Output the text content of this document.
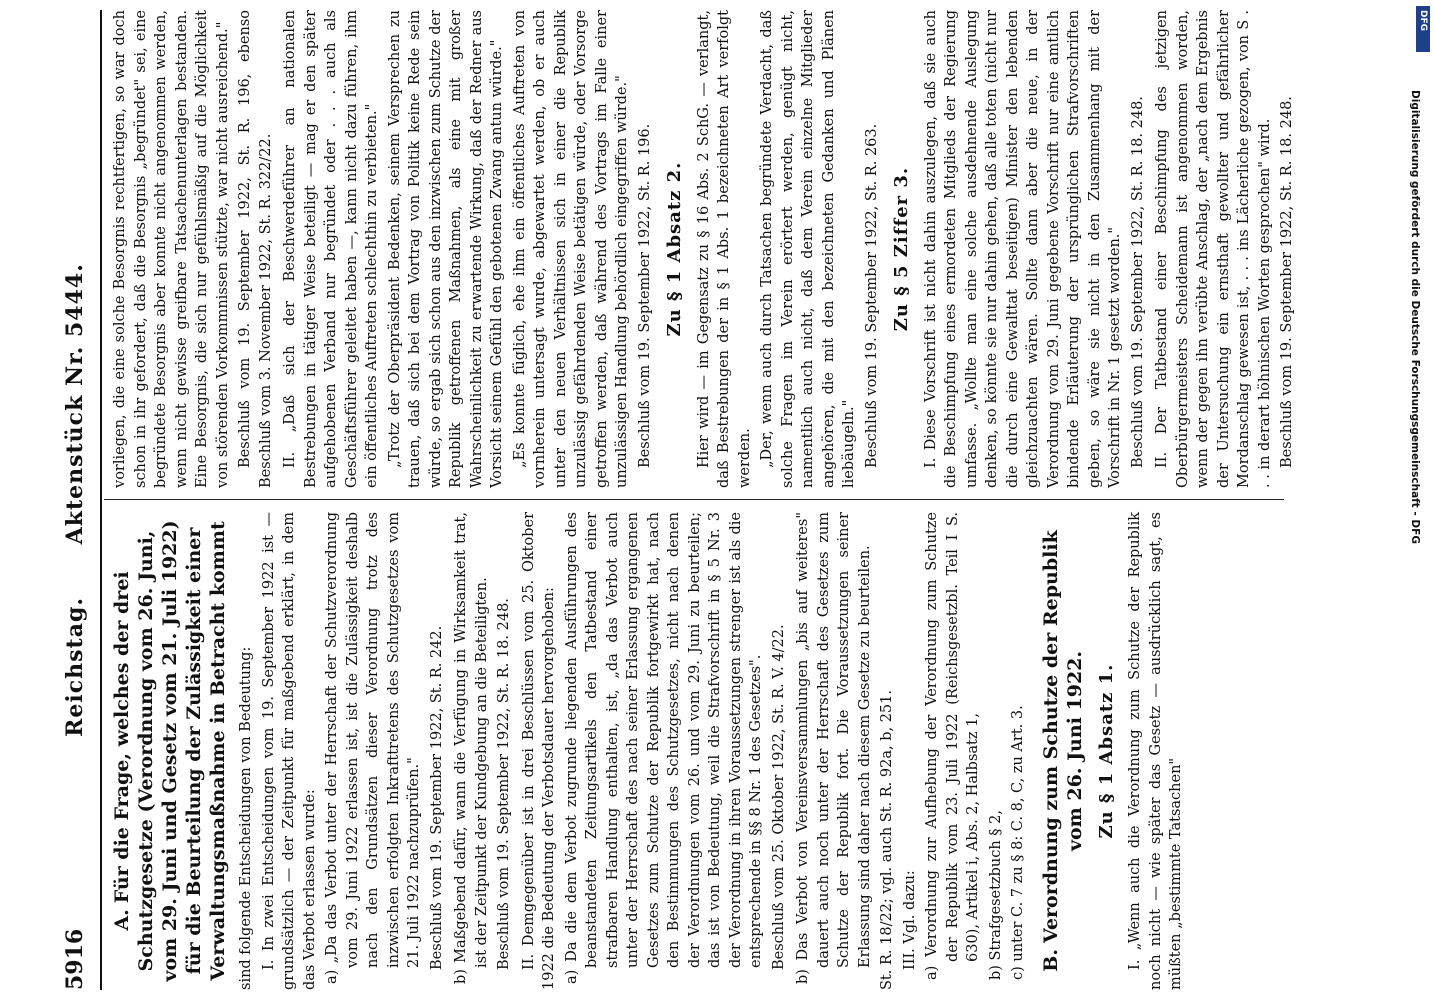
5916
Reichstag. Aktenstück Nr. 5444.
A.Für die Frage, welches der drei Schutzgesetze (Verordnung vom 26. Juni, vom 29. Juni und Gesetz vom 21. Juli 1922) für die Beurteilung der Zulässigkeit einer Verwaltungsmaßnahme in Betracht kommt sind folgende Entscheidungen von Bedeutung: I. In zwei Entscheidungen vom 19. September 1922 ist — grundsätzlich — der Zeitpunkt für maßgebend erklärt, in dem das Verbot erlassen wurde: a) „Da das Verbot unter der Herrschaft der Schutzverordnung vom 29. Juni 1922 erlassen ist, ist die Zulässigkeit deshalb nach den Grundsätzen dieser Verordnung trotz des inzwischen erfolgten Inkrafttretens des Schutzgesetzes vom 21. Juli 1922 nachzuprüfen." Beschluß vom 19. September 1922, St. R. 242. b) Maßgebend dafür, wann die Verfügung in Wirksamkeit trat, ist der Zeitpunkt der Kundgebung an die Beteiligten. Beschluß vom 19. September 1922, St. R. 18. 248. II. Demgegenüber ist in drei Beschlüssen vom 25. Oktober 1922 die Bedeutung der Verbotsdauer hervorgehoben: a) Da die dem Verbot zugrunde liegenden Ausführungen des beanstandeten Zeitungsartikels den Tatbestand einer strafbaren Handlung enthalten, ist, „da das Verbot auch unter der Herrschaft des nach seiner Erlassung ergangenen Gesetzes zum Schutze der Republik fortgewirkt hat, nach den Bestimmungen des Schutzgesetzes, nicht nach denen der Verordnungen vom 26. und vom 29. Juni zu beurteilen; das ist von Bedeutung, weil die Strafvorschrift in § 5 Nr. 3 der Verordnung in ihren Voraussetzungen strenger ist als die entsprechende in §§ 8 Nr. 1 des Gesetzes". Beschluß vom 25. Oktober 1922, St. R. V. 4/22. b) Das Verbot von Vereinsversammlungen „bis auf weiteres" dauert auch noch unter der Herrschaft des Gesetzes zum Schutze der Republik fort. Die Voraussetzungen seiner Erlassung sind daher nach diesem Gesetze zu beurteilen. St. R. 18/22; vgl. auch St. R. 92a, b, 251. III. Vgl. dazu: a) Verordnung zur Aufhebung der Verordnung zum Schutze der Republik vom 23. Juli 1922 (Reichsgesetzbl. Teil I S. 630), Artikel i, Abs. 2, Halbsatz 1, b) Strafgesetzbuch § 2, c) unter C. 7 zu § 8: C. 8, C, zu Art. 3. B.Verordnung zum Schutze der Republik vom 26. Juni 1922. Zu § 1 Absatz 1. I. „Wenn auch die Verordnung zum Schutze der Republik noch nicht — wie später das Gesetz — ausdrücklich sagt, es müßten „bestimmte Tatsachen"

vorliegen, die eine solche Besorgnis rechtfertigen, so war doch schon in ihr gefordert, daß die Besorgnis „begründet" sei, eine begründete Besorgnis aber konnte nicht angenommen werden, wenn nicht gewisse greifbare Tatsachenunterlagen bestanden. Eine Besorgnis, die sich nur gefühlsmäßig auf die Möglichkeit von störenden Vorkommnissen stützte, war nicht ausreichend." Beschluß vom 19. September 1922, St. R. 196, ebenso Beschluß vom 3. November 1922, St. R. 322/22. II. „Daß sich der Beschwerdeführer an nationalen Bestrebungen in tätiger Weise beteiligt — mag er den später aufgehobenen Verband nur begründet oder . . . auch als Geschäftsführer geleitet haben —, kann nicht dazu führen, ihm ein öffentliches Auftreten schlechthin zu verbieten." „Trotz der Oberpräsident Bedenken, seinem Versprechen zu trauen, daß sich bei dem Vortrag von Politik keine Rede sein würde, so ergab sich schon aus den inzwischen zum Schutze der Republik getroffenen Maßnahmen, als eine mit großer Wahrscheinlichkeit zu erwartende Wirkung, daß der Redner aus Vorsicht seinem Gefühl den gebotenen Zwang antun würde." „Es konnte füglich, ehe ihm ein öffentliches Auftreten von vornherein untersagt wurde, abgewartet werden, ob er auch unter den neuen Verhältnissen sich in einer die Republik unzulässig gefährdenden Weise betätigen würde, oder Vorsorge getroffen werden, daß während des Vortrags im Falle einer unzulässigen Handlung behördlich eingegriffen würde." Beschluß vom 19. September 1922, St. R. 196. Zu § 1 Absatz 2. Hier wird — im Gegensatz zu § 16 Abs. 2 SchG. — verlangt, daß Bestrebungen der in § 1 Abs. 1 bezeichneten Art verfolgt werden. „Der, wenn auch durch Tatsachen begründete Verdacht, daß solche Fragen im Verein erörtert werden, genügt nicht, namentlich auch nicht, daß dem Verein einzelne Mitglieder angehören, die mit den bezeichneten Gedanken und Plänen liebäugeln." Beschluß vom 19. September 1922, St. R. 263. Zu § 5 Ziffer 3. I. Diese Vorschrift ist nicht dahin auszulegen, daß sie auch die Beschimpfung eines ermordeten Mitglieds der Regierung umfasse. „Wollte man eine solche ausdehnende Auslegung denken, so könnte sie nur dahin gehen, daß alle toten (nicht nur die durch eine Gewalttat beseitigen) Minister den lebenden gleichzuachten wären. Sollte dann aber die neue, in der Verordnung vom 29. Juni gegebene Vorschrift nur eine amtlich bindende Erläuterung der ursprünglichen Strafvorschriften geben, so wäre sie nicht in den Zusammenhang mit der Vorschrift in Nr. 1 gesetzt worden." Beschluß vom 19. September 1922, St. R. 18. 248. II. Der Tatbestand einer Beschimpfung des jetzigen Oberbürgermeisters Scheidemann ist angenommen worden, wenn der gegen ihn verübte Anschlag, der „nach dem Ergebnis der Untersuchung ein ernsthaft gewollter und gefährlicher Mordanschlag gewesen ist, . . . ins Lächerliche gezogen, von S . . . in derart höhnischen Worten gesprochen" wird. Beschluß vom 19. September 1922, St. R. 18. 248.

DFG
Digitalisierung gefördert durch die Deutsche Forschungsgemeinschaft - DFG
